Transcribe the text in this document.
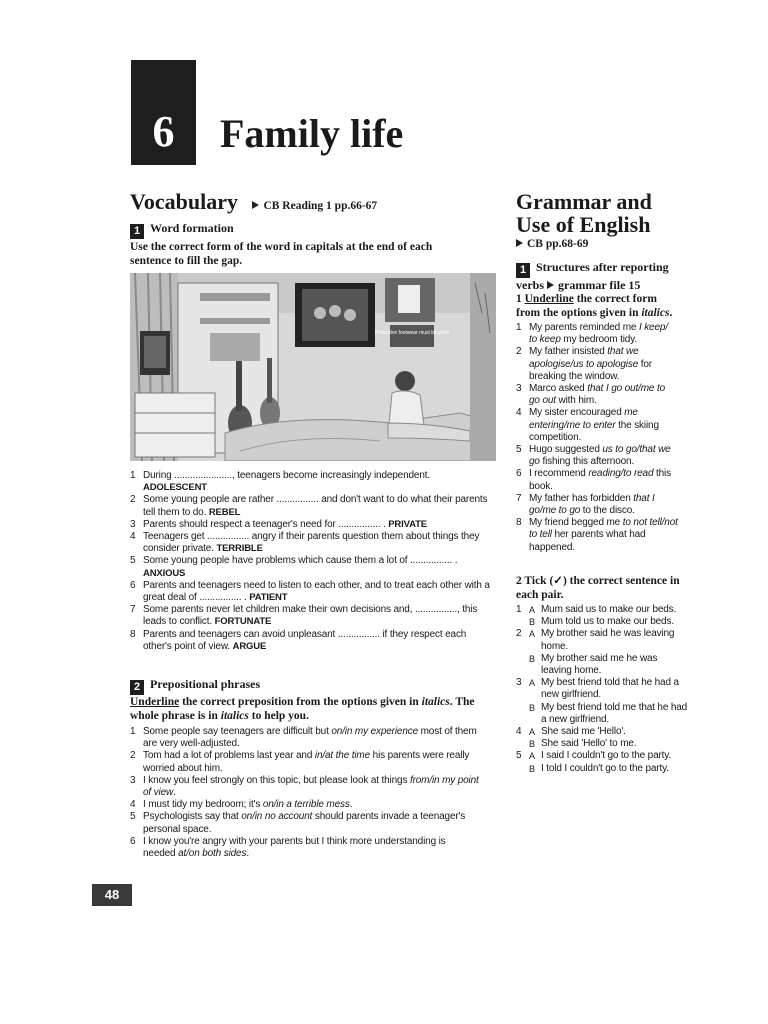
6	Family life
Vocabulary CB Reading 1 pp.66-67
1 Word formation
Use the correct form of the word in capitals at the end of each sentence to fill the gap.
Protective footwear must be worn
1 During ......................, teenagers become increasingly independent.
ADOLESCENT
2 Some young people are rather ................ and don't want to do what their parents tell them to do. REBEL
3 Parents should respect a teenager's need for ................ . PRIVATE
4 Teenagers get ................ angry if their parents question them about things they consider private. TERRIBLE
5 Some young people have problems which cause them a lot of ................ .
ANXIOUS
6 Parents and teenagers need to listen to each other, and to treat each other with a great deal of ................ . PATIENT
7 Some parents never let children make their own decisions and, ................, this leads to conflict. FORTUNATE
8 Parents and teenagers can avoid unpleasant ................ if they respect each other's point of view. ARGUE
2 Prepositional phrases
Underline the correct preposition from the options given in italics. The whole phrase is in italics to help you.
1 Some people say teenagers are difficult but on/in my experience most of them are very well-adjusted.
2 Tom had a lot of problems last year and in/at the time his parents were really worried about him.
3 I know you feel strongly on this topic, but please look at things from/in my point of view.
4 I must tidy my bedroom; it's on/in a terrible mess.
5 Psychologists say that on/in no account should parents invade a teenager's personal space.
6 I know you're angry with your parents but I think more understanding is needed at/on both sides.
Grammar and
Use of English
CB pp.68-69
1 Structures after reporting verbs grammar file 15
1 Underline the correct form from the options given in italics.
1 My parents reminded me I keep/ to keep my bedroom tidy.
2 My father insisted that we apologise/us to apologise for breaking the window.
3 Marco asked that I go out/me to go out with him.
4 My sister encouraged me entering/me to enter the skiing competition.
5 Hugo suggested us to go/that we go fishing this afternoon.
6 I recommend reading/to read this book.
7 My father has forbidden that I go/me to go to the disco.
8 My friend begged me to not tell/not to tell her parents what had happened.
2 Tick (✓) the correct sentence in each pair.
1 A Mum said us to make our beds.
B Mum told us to make our beds.
2 A My brother said he was leaving home.
B My brother said me he was leaving home.
3 A My best friend told that he had a new girlfriend.
B My best friend told me that he had a new girlfriend.
4 A She said me 'Hello'.
B She said 'Hello' to me.
5 A I said I couldn't go to the party.
B I told I couldn't go to the party.
48
